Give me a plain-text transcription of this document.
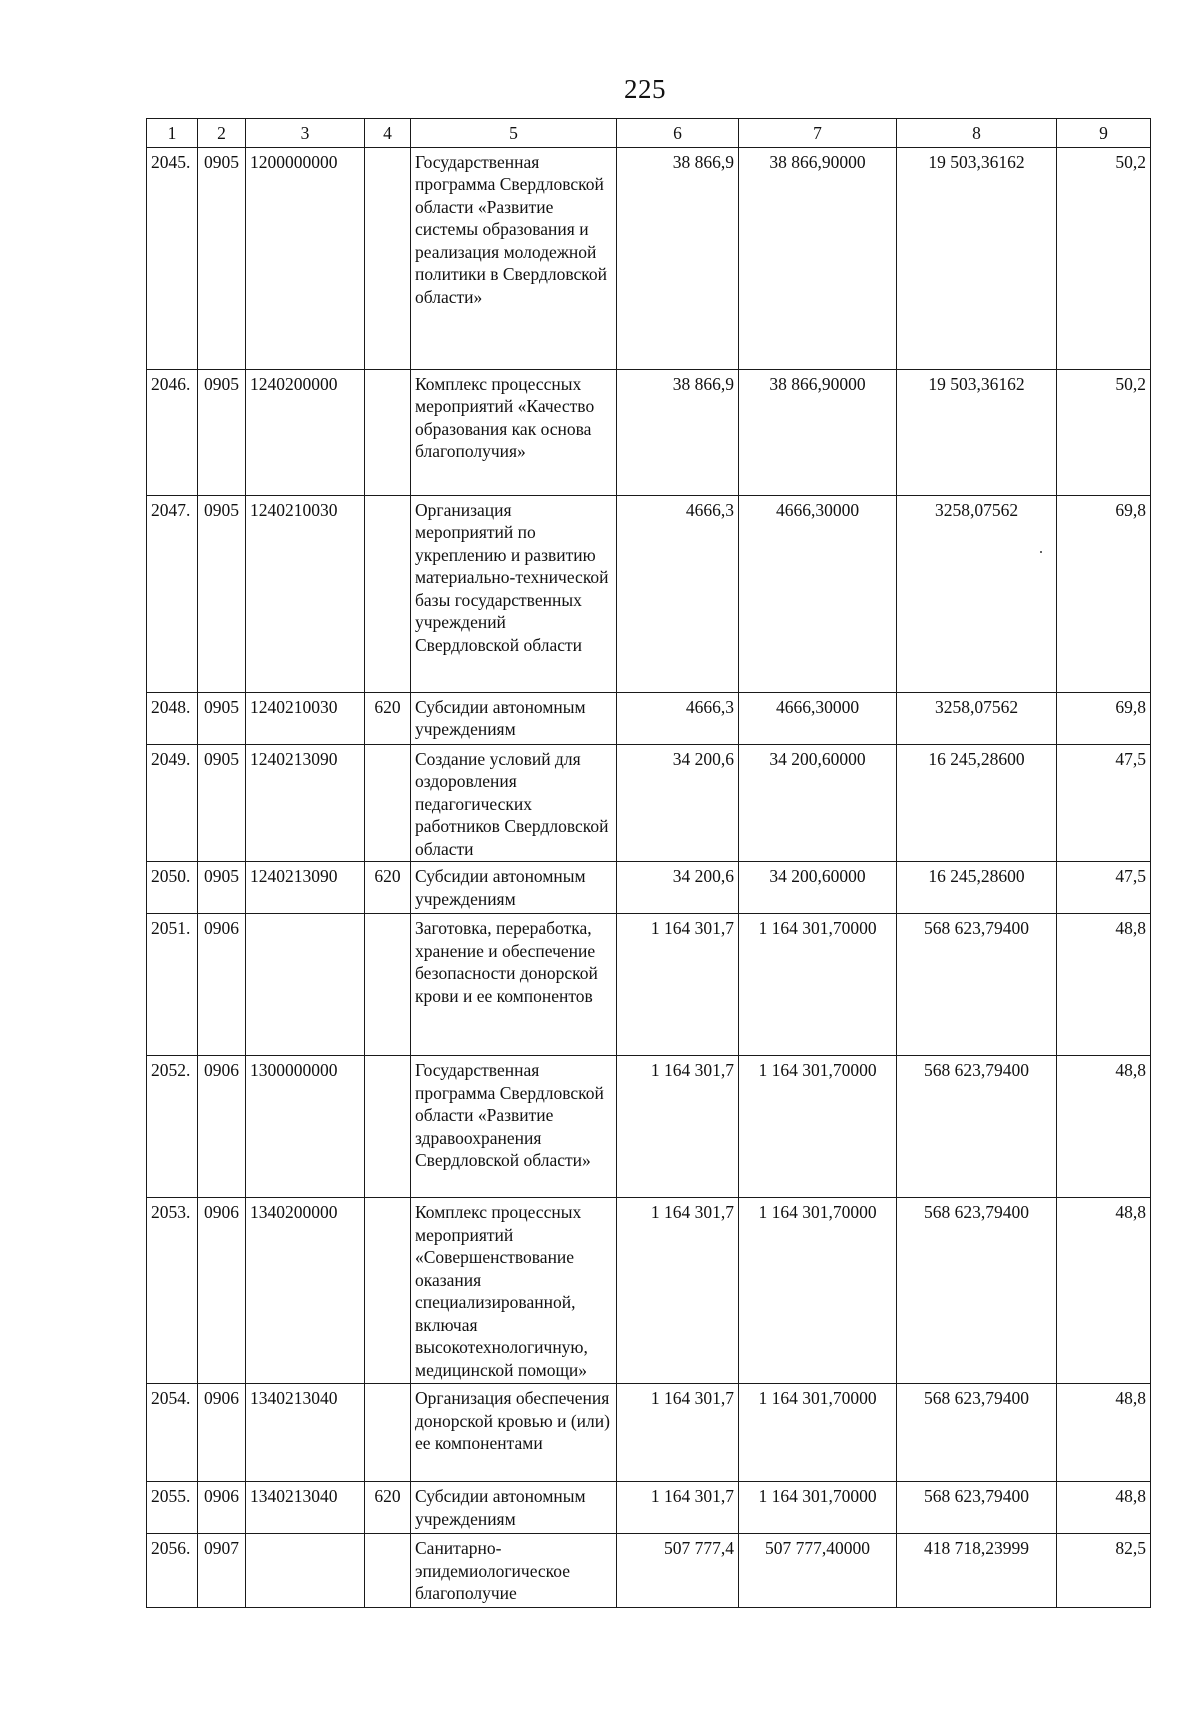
225
1	2	3	4	5	6	7	8	9
2045.	0905	1200000000		Государственная программа Свердловской области «Развитие системы образования и реализация молодежной политики в Свердловской области»	38 866,9	38 866,90000	19 503,36162	50,2
2046.	0905	1240200000		Комплекс процессных мероприятий «Качество образования как основа благополучия»	38 866,9	38 866,90000	19 503,36162	50,2
2047.	0905	1240210030		Организация мероприятий по укреплению и развитию материально-технической базы государственных учреждений Свердловской области	4666,3	4666,30000	3258,07562	69,8
2048.	0905	1240210030	620	Субсидии автономным учреждениям	4666,3	4666,30000	3258,07562	69,8
2049.	0905	1240213090		Создание условий для оздоровления педагогических работников Свердловской области	34 200,6	34 200,60000	16 245,28600	47,5
2050.	0905	1240213090	620	Субсидии автономным учреждениям	34 200,6	34 200,60000	16 245,28600	47,5
2051.	0906			Заготовка, переработка, хранение и обеспечение безопасности донорской крови и ее компонентов	1 164 301,7	1 164 301,70000	568 623,79400	48,8
2052.	0906	1300000000		Государственная программа Свердловской области «Развитие здравоохранения Свердловской области»	1 164 301,7	1 164 301,70000	568 623,79400	48,8
2053.	0906	1340200000		Комплекс процессных мероприятий «Совершенствование оказания специализированной, включая высокотехнологичную, медицинской помощи»	1 164 301,7	1 164 301,70000	568 623,79400	48,8
2054.	0906	1340213040		Организация обеспечения донорской кровью и (или) ее компонентами	1 164 301,7	1 164 301,70000	568 623,79400	48,8
2055.	0906	1340213040	620	Субсидии автономным учреждениям	1 164 301,7	1 164 301,70000	568 623,79400	48,8
2056.	0907			Санитарно-эпидемиологическое благополучие	507 777,4	507 777,40000	418 718,23999	82,5
